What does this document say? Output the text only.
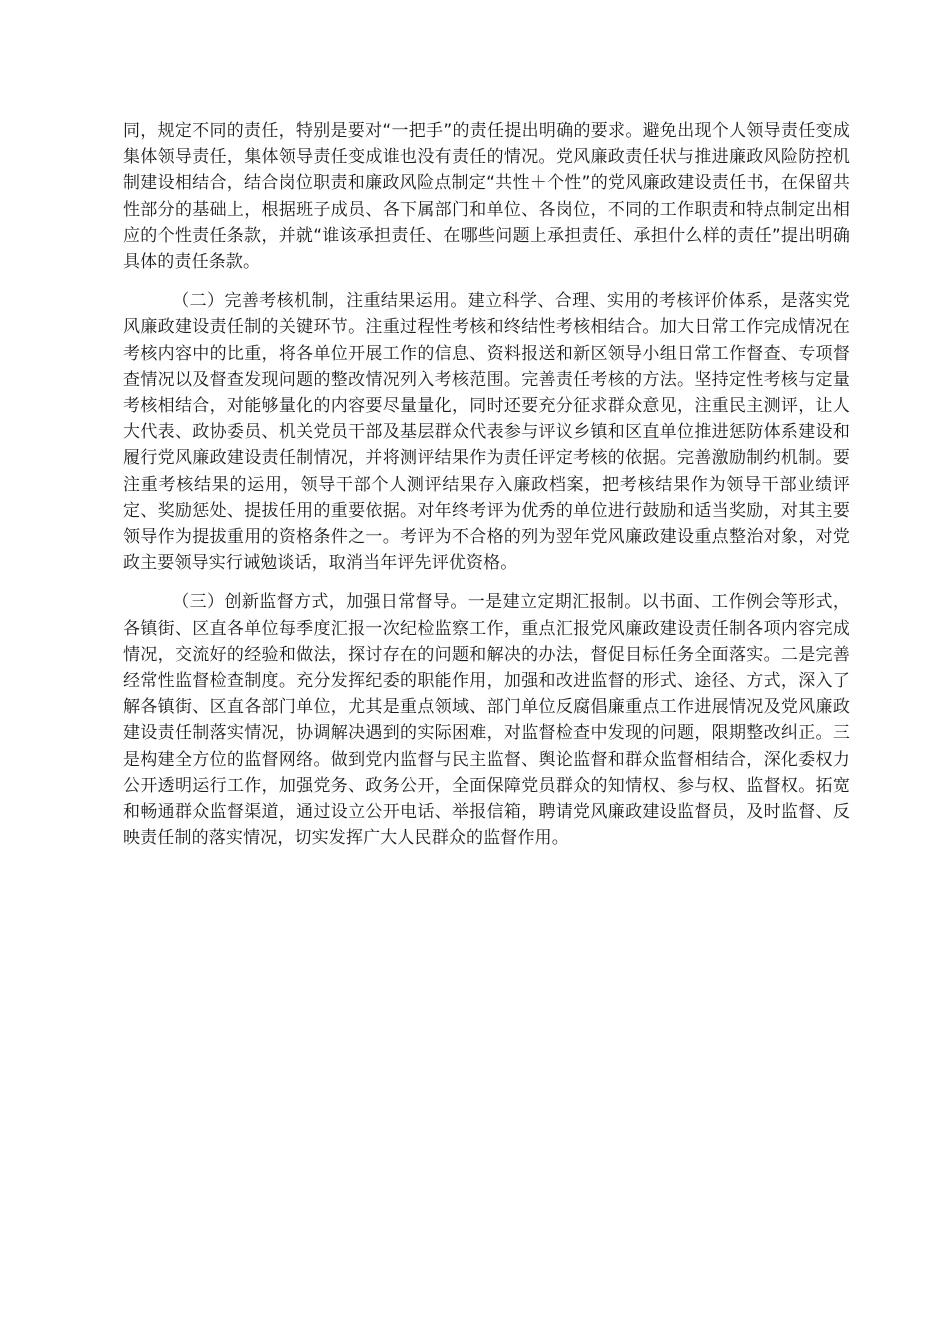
同，规定不同的责任，特别是要对“一把手”的责任提出明确的要求。避免出现个人领导责任变成集体领导责任，集体领导责任变成谁也没有责任的情况。党风廉政责任状与推进廉政风险防控机制建设相结合，结合岗位职责和廉政风险点制定“共性＋个性”的党风廉政建设责任书，在保留共性部分的基础上，根据班子成员、各下属部门和单位、各岗位，不同的工作职责和特点制定出相应的个性责任条款，并就“谁该承担责任、在哪些问题上承担责任、承担什么样的责任”提出明确具体的责任条款。

（二）完善考核机制，注重结果运用。建立科学、合理、实用的考核评价体系，是落实党风廉政建设责任制的关键环节。注重过程性考核和终结性考核相结合。加大日常工作完成情况在考核内容中的比重，将各单位开展工作的信息、资料报送和新区领导小组日常工作督查、专项督查情况以及督查发现问题的整改情况列入考核范围。完善责任考核的方法。坚持定性考核与定量考核相结合，对能够量化的内容要尽量量化，同时还要充分征求群众意见，注重民主测评，让人大代表、政协委员、机关党员干部及基层群众代表参与评议乡镇和区直单位推进惩防体系建设和履行党风廉政建设责任制情况，并将测评结果作为责任评定考核的依据。完善激励制约机制。要注重考核结果的运用，领导干部个人测评结果存入廉政档案，把考核结果作为领导干部业绩评定、奖励惩处、提拔任用的重要依据。对年终考评为优秀的单位进行鼓励和适当奖励，对其主要领导作为提拔重用的资格条件之一。考评为不合格的列为翌年党风廉政建设重点整治对象，对党政主要领导实行诫勉谈话，取消当年评先评优资格。

（三）创新监督方式，加强日常督导。一是建立定期汇报制。以书面、工作例会等形式，各镇街、区直各单位每季度汇报一次纪检监察工作，重点汇报党风廉政建设责任制各项内容完成情况，交流好的经验和做法，探讨存在的问题和解决的办法，督促目标任务全面落实。二是完善经常性监督检查制度。充分发挥纪委的职能作用，加强和改进监督的形式、途径、方式，深入了解各镇街、区直各部门单位，尤其是重点领域、部门单位反腐倡廉重点工作进展情况及党风廉政建设责任制落实情况，协调解决遇到的实际困难，对监督检查中发现的问题，限期整改纠正。三是构建全方位的监督网络。做到党内监督与民主监督、舆论监督和群众监督相结合，深化委权力公开透明运行工作，加强党务、政务公开，全面保障党员群众的知情权、参与权、监督权。拓宽和畅通群众监督渠道，通过设立公开电话、举报信箱，聘请党风廉政建设监督员，及时监督、反映责任制的落实情况，切实发挥广大人民群众的监督作用。
